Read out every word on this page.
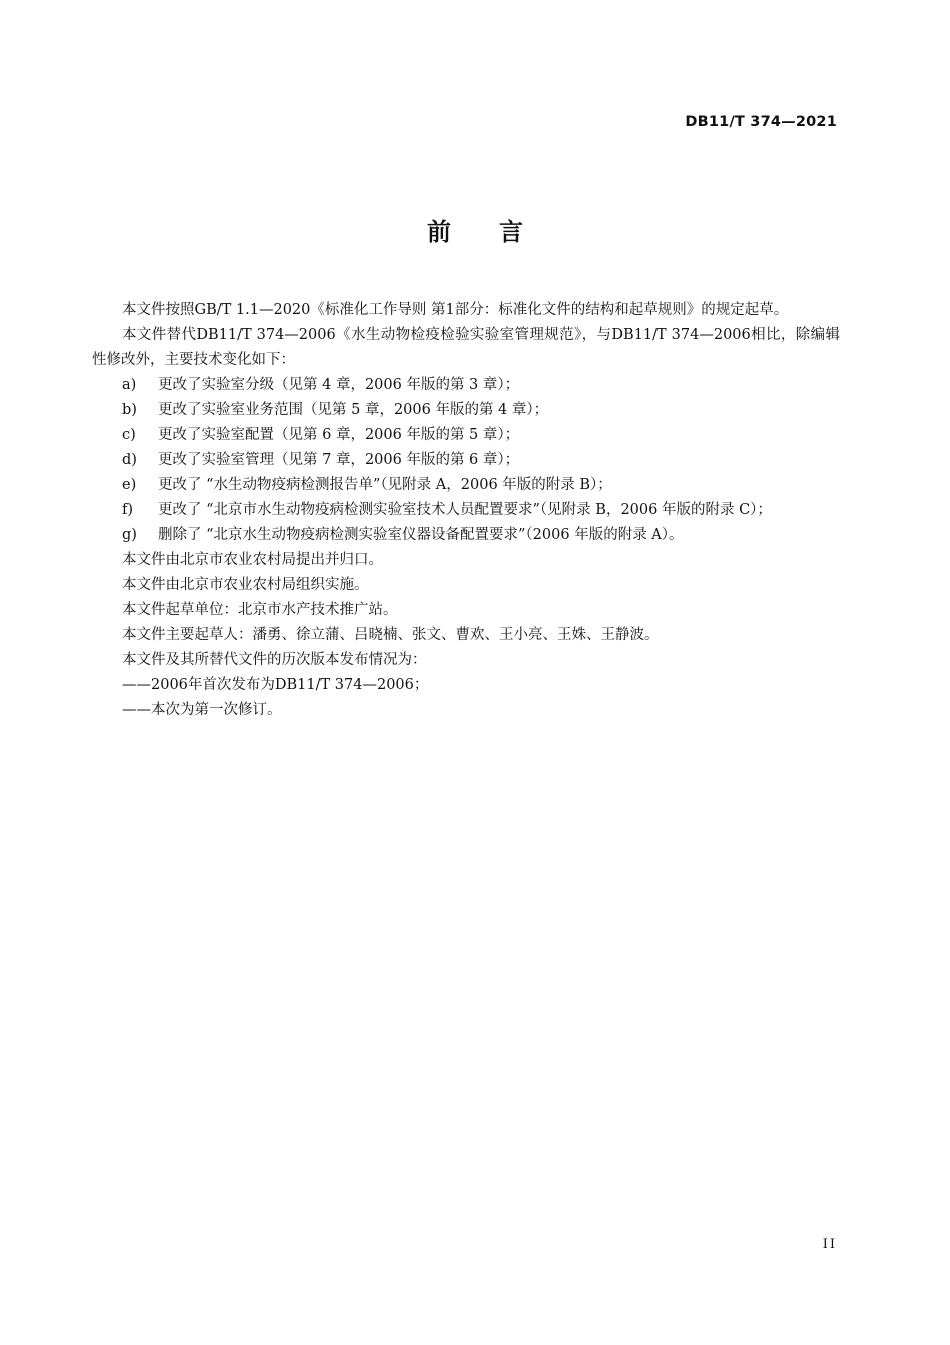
DB11/T 374—2021
前言

本文件按照GB/T 1.1—2020《标准化工作导则 第1部分：标准化文件的结构和起草规则》的规定起草。

本文件替代DB11/T 374—2006《水生动物检疫检验实验室管理规范》，与DB11/T 374—2006相比，除编辑性修改外，主要技术变化如下：

a) 更改了实验室分级（见第 4 章，2006 年版的第 3 章）；

b) 更改了实验室业务范围（见第 5 章，2006 年版的第 4 章）；

c) 更改了实验室配置（见第 6 章，2006 年版的第 5 章）；

d) 更改了实验室管理（见第 7 章，2006 年版的第 6 章）；

e) 更改了 “水生动物疫病检测报告单”（见附录 A，2006 年版的附录 B）；

f) 更改了 “北京市水生动物疫病检测实验室技术人员配置要求”（见附录 B，2006 年版的附录 C）；

g) 删除了 “北京水生动物疫病检测实验室仪器设备配置要求”（2006 年版的附录 A）。

本文件由北京市农业农村局提出并归口。

本文件由北京市农业农村局组织实施。

本文件起草单位：北京市水产技术推广站。

本文件主要起草人：潘勇、徐立蒲、吕晓楠、张文、曹欢、王小亮、王姝、王静波。

本文件及其所替代文件的历次版本发布情况为：

——2006年首次发布为DB11/T 374—2006；

——本次为第一次修订。

II
